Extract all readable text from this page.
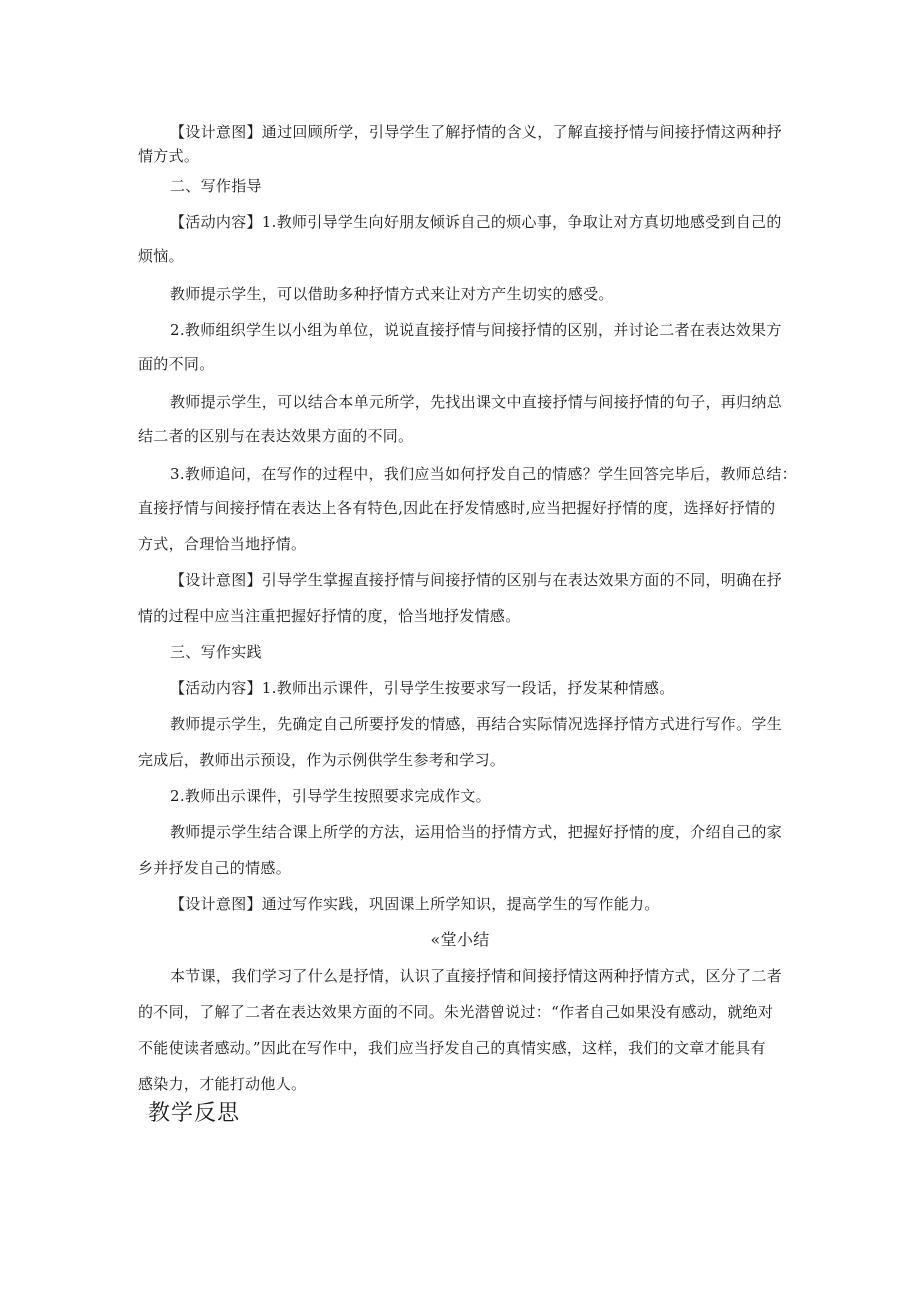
【设计意图】通过回顾所学，引导学生了解抒情的含义，了解直接抒情与间接抒情这两种抒
情方式。
二、写作指导
【活动内容】1.教师引导学生向好朋友倾诉自己的烦心事，争取让对方真切地感受到自己的
烦恼。
教师提示学生，可以借助多种抒情方式来让对方产生切实的感受。
2.教师组织学生以小组为单位，说说直接抒情与间接抒情的区别，并讨论二者在表达效果方
面的不同。
教师提示学生，可以结合本单元所学，先找出课文中直接抒情与间接抒情的句子，再归纳总
结二者的区别与在表达效果方面的不同。
3.教师追问，在写作的过程中，我们应当如何抒发自己的情感？学生回答完毕后，教师总结：
直接抒情与间接抒情在表达上各有特色,因此在抒发情感时,应当把握好抒情的度，选择好抒情的
方式，合理恰当地抒情。
【设计意图】引导学生掌握直接抒情与间接抒情的区别与在表达效果方面的不同，明确在抒
情的过程中应当注重把握好抒情的度，恰当地抒发情感。
三、写作实践
【活动内容】1.教师出示课件，引导学生按要求写一段话，抒发某种情感。
教师提示学生，先确定自己所要抒发的情感，再结合实际情况选择抒情方式进行写作。学生
完成后，教师出示预设，作为示例供学生参考和学习。
2.教师出示课件，引导学生按照要求完成作文。
教师提示学生结合课上所学的方法，运用恰当的抒情方式，把握好抒情的度，介绍自己的家
乡并抒发自己的情感。
【设计意图】通过写作实践，巩固课上所学知识，提高学生的写作能力。
«堂小结
本节课，我们学习了什么是抒情，认识了直接抒情和间接抒情这两种抒情方式，区分了二者
的不同，了解了二者在表达效果方面的不同。朱光潜曾说过：“作者自己如果没有感动，就绝对
不能使读者感动。”因此在写作中，我们应当抒发自己的真情实感，这样，我们的文章才能具有
感染力，才能打动他人。
教学反思
